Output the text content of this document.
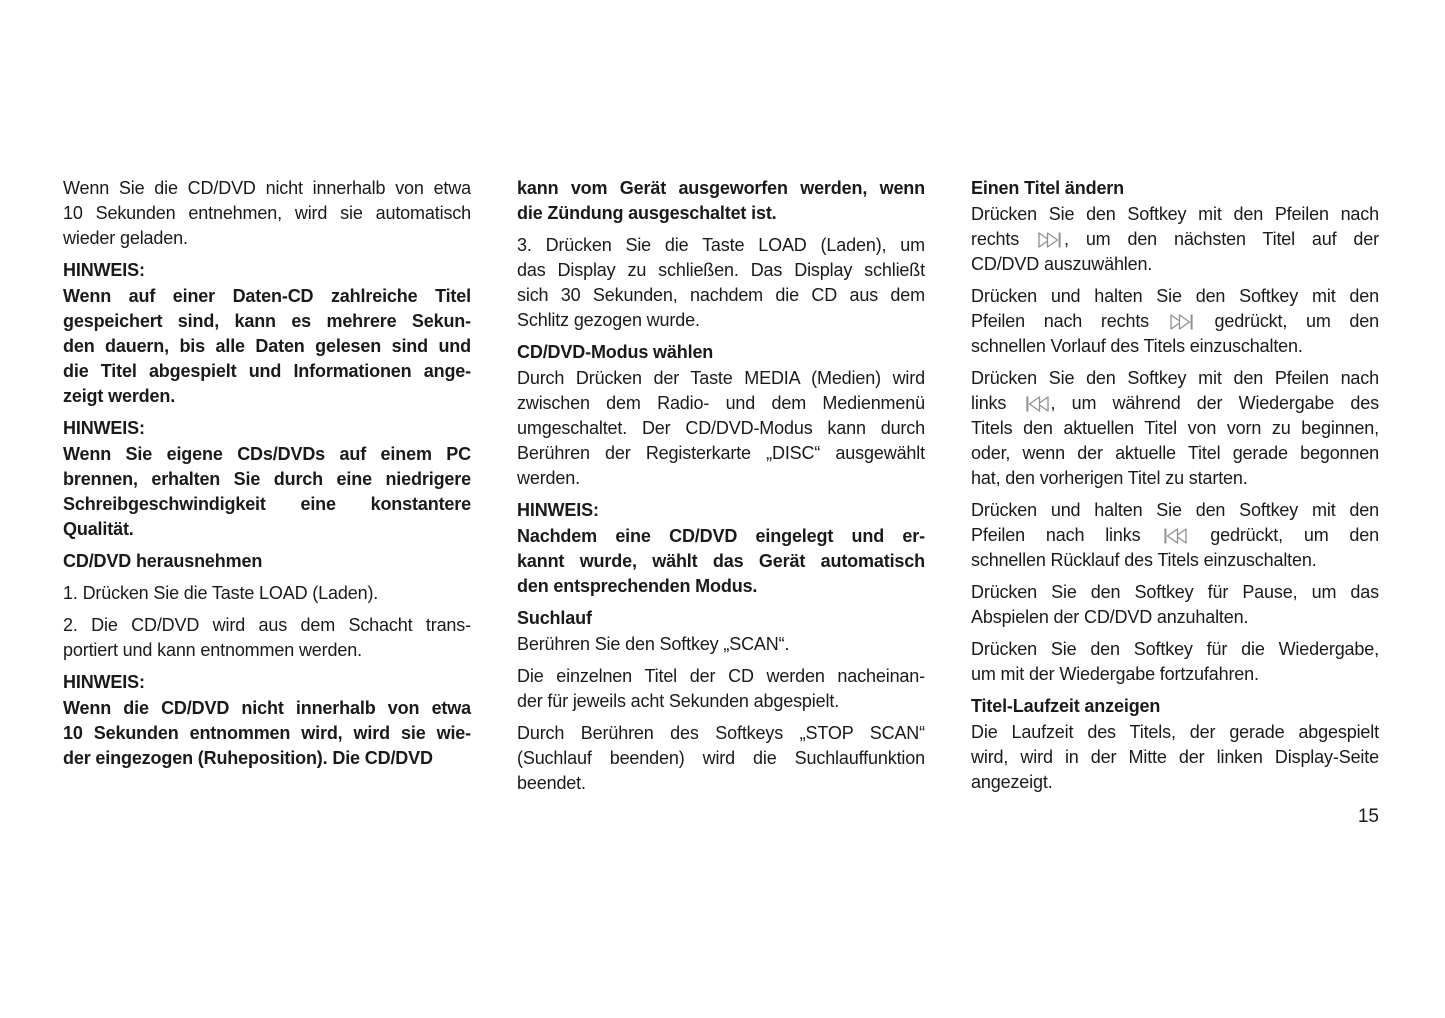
Wenn Sie die CD/DVD nicht innerhalb von etwa
10 Sekunden entnehmen, wird sie automatisch
wieder geladen.
HINWEIS:
Wenn auf einer Daten-CD zahlreiche Titel
gespeichert sind, kann es mehrere Sekun-
den dauern, bis alle Daten gelesen sind und
die Titel abgespielt und Informationen ange-
zeigt werden.
HINWEIS:
Wenn Sie eigene CDs/DVDs auf einem PC
brennen, erhalten Sie durch eine niedrigere
Schreibgeschwindigkeit eine konstantere
Qualität.
CD/DVD herausnehmen
1. Drücken Sie die Taste LOAD (Laden).
2. Die CD/DVD wird aus dem Schacht trans-
portiert und kann entnommen werden.
HINWEIS:
Wenn die CD/DVD nicht innerhalb von etwa
10 Sekunden entnommen wird, wird sie wie-
der eingezogen (Ruheposition). Die CD/DVD
kann vom Gerät ausgeworfen werden, wenn
die Zündung ausgeschaltet ist.
3. Drücken Sie die Taste LOAD (Laden), um
das Display zu schließen. Das Display schließt
sich 30 Sekunden, nachdem die CD aus dem
Schlitz gezogen wurde.
CD/DVD-Modus wählen
Durch Drücken der Taste MEDIA (Medien) wird
zwischen dem Radio- und dem Medienmenü
umgeschaltet. Der CD/DVD-Modus kann durch
Berühren der Registerkarte „DISC“ ausgewählt
werden.
HINWEIS:
Nachdem eine CD/DVD eingelegt und er-
kannt wurde, wählt das Gerät automatisch
den entsprechenden Modus.
Suchlauf
Berühren Sie den Softkey „SCAN“.
Die einzelnen Titel der CD werden nacheinan-
der für jeweils acht Sekunden abgespielt.
Durch Berühren des Softkeys „STOP SCAN“
(Suchlauf beenden) wird die Suchlauffunktion
beendet.
Einen Titel ändern
Drücken Sie den Softkey mit den Pfeilen nach
rechts , um den nächsten Titel auf der
CD/DVD auszuwählen.
Drücken und halten Sie den Softkey mit den
Pfeilen nach rechts  gedrückt, um den
schnellen Vorlauf des Titels einzuschalten.
Drücken Sie den Softkey mit den Pfeilen nach
links , um während der Wiedergabe des
Titels den aktuellen Titel von vorn zu beginnen,
oder, wenn der aktuelle Titel gerade begonnen
hat, den vorherigen Titel zu starten.
Drücken und halten Sie den Softkey mit den
Pfeilen nach links  gedrückt, um den
schnellen Rücklauf des Titels einzuschalten.
Drücken Sie den Softkey für Pause, um das
Abspielen der CD/DVD anzuhalten.
Drücken Sie den Softkey für die Wiedergabe,
um mit der Wiedergabe fortzufahren.
Titel-Laufzeit anzeigen
Die Laufzeit des Titels, der gerade abgespielt
wird, wird in der Mitte der linken Display-Seite
angezeigt.
15
